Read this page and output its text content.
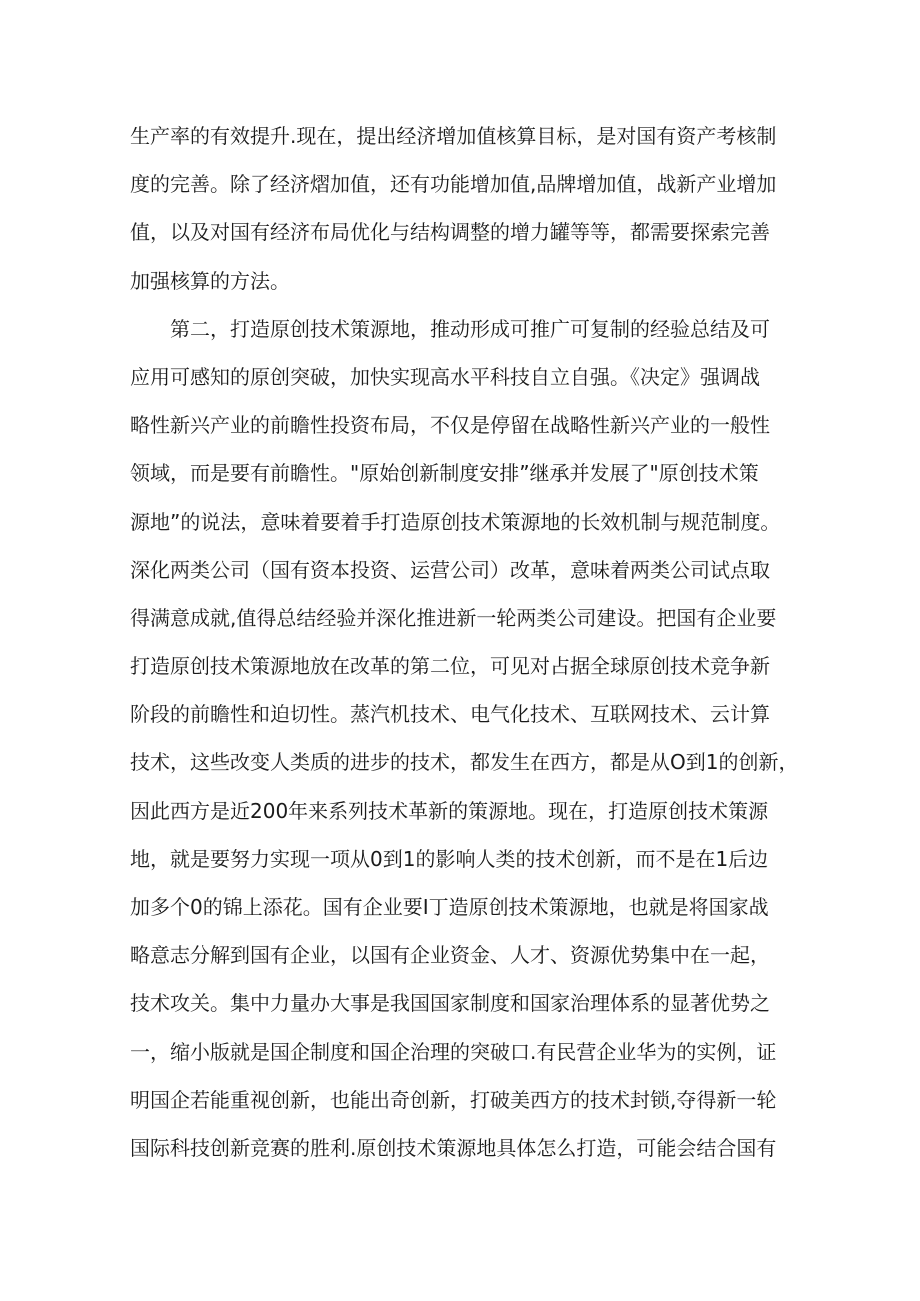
生产率的有效提升.现在，提出经济增加值核算目标，是对国有资产考核制
度的完善。除了经济熠加值，还有功能增加值,品牌增加值，战新产业增加
值，以及对国有经济布局优化与结构调整的增力罐等等，都需要探索完善
加强核算的方法。
第二，打造原创技术策源地，推动形成可推广可复制的经验总结及可
应用可感知的原创突破，加快实现高水平科技自立自强。《决定》强调战
略性新兴产业的前瞻性投资布局，不仅是停留在战略性新兴产业的一般性
领域，而是要有前瞻性。"原始创新制度安排”继承并发展了"原创技术策
源地”的说法，意味着要着手打造原创技术策源地的长效机制与规范制度。
深化两类公司（国有资本投资、运营公司）改革，意味着两类公司试点取
得满意成就,值得总结经验并深化推进新一轮两类公司建设。把国有企业要
打造原创技术策源地放在改革的第二位，可见对占据全球原创技术竞争新
阶段的前瞻性和迫切性。蒸汽机技术、电气化技术、互联网技术、云计算
技术，这些改变人类质的进步的技术，都发生在西方，都是从O到1的创新，
因此西方是近200年来系列技术革新的策源地。现在，打造原创技术策源
地，就是要努力实现一项从0到1的影响人类的技术创新，而不是在1后边
加多个0的锦上添花。国有企业要I丁造原创技术策源地，也就是将国家战
略意志分解到国有企业，以国有企业资金、人才、资源优势集中在一起，
技术攻关。集中力量办大事是我国国家制度和国家治理体系的显著优势之
一，缩小版就是国企制度和国企治理的突破口.有民营企业华为的实例，证
明国企若能重视创新，也能出奇创新，打破美西方的技术封锁,夺得新一轮
国际科技创新竞赛的胜利.原创技术策源地具体怎么打造，可能会结合国有
